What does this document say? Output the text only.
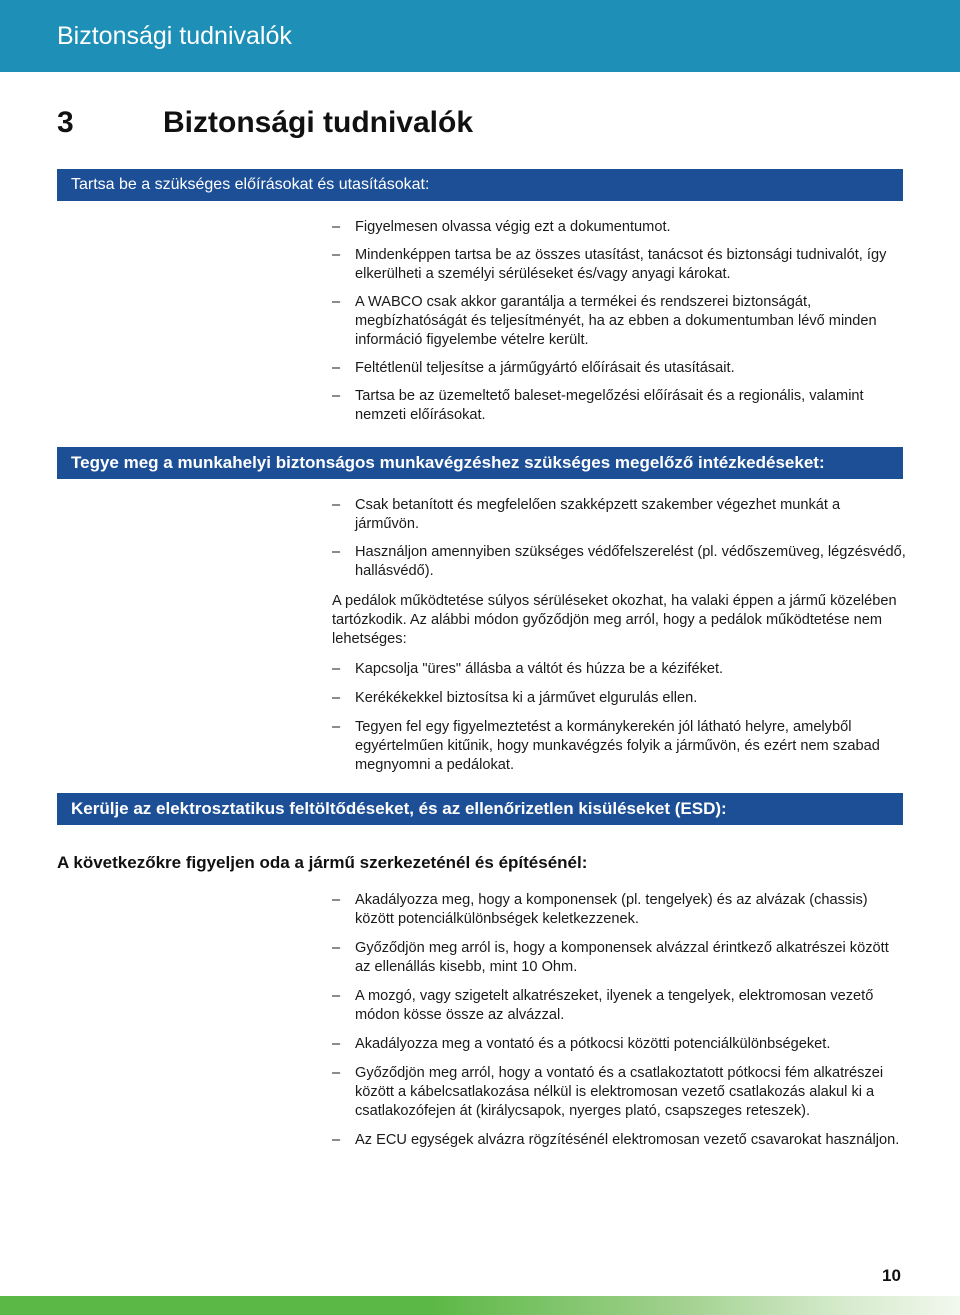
Biztonsági tudnivalók
3	Biztonsági tudnivalók
Tartsa be a szükséges előírásokat és utasításokat:
– Figyelmesen olvassa végig ezt a dokumentumot.
– Mindenképpen tartsa be az összes utasítást, tanácsot és biztonsági tudnivalót, így elkerülheti a személyi sérüléseket és/vagy anyagi károkat.
– A WABCO csak akkor garantálja a termékei és rendszerei biztonságát, megbízhatóságát és teljesítményét, ha az ebben a dokumentumban lévő minden információ figyelembe vételre került.
– Feltétlenül teljesítse a járműgyártó előírásait és utasításait.
– Tartsa be az üzemeltető baleset-megelőzési előírásait és a regionális, valamint nemzeti előírásokat.
Tegye meg a munkahelyi biztonságos munkavégzéshez szükséges megelőző intézkedéseket:
– Csak betanított és megfelelően szakképzett szakember végezhet munkát a járművön.
– Használjon amennyiben szükséges védőfelszerelést (pl. védőszemüveg, légzésvédő, hallásvédő).

A pedálok működtetése súlyos sérüléseket okozhat, ha valaki éppen a jármű közelében tartózkodik. Az alábbi módon győződjön meg arról, hogy a pedálok működtetése nem lehetséges:

– Kapcsolja "üres" állásba a váltót és húzza be a kéziféket.
– Kerékékekkel biztosítsa ki a járművet elgurulás ellen.
– Tegyen fel egy figyelmeztetést a kormánykerekén jól látható helyre, amelyből egyértelműen kitűnik, hogy munkavégzés folyik a járművön, és ezért nem szabad megnyomni a pedálokat.
Kerülje az elektrosztatikus feltöltődéseket, és az ellenőrizetlen kisüléseket (ESD):
A következőkre figyeljen oda a jármű szerkezeténél és építésénél:
– Akadályozza meg, hogy a komponensek (pl. tengelyek) és az alvázak (chassis) között potenciálkülönbségek keletkezzenek.
– Győződjön meg arról is, hogy a komponensek alvázzal érintkező alkatrészei között az ellenállás kisebb, mint 10 Ohm.
– A mozgó, vagy szigetelt alkatrészeket, ilyenek a tengelyek, elektromosan vezető módon kösse össze az alvázzal.
– Akadályozza meg a vontató és a pótkocsi közötti potenciálkülönbségeket.
– Győződjön meg arról, hogy a vontató és a csatlakoztatott pótkocsi fém alkatrészei között a kábelcsatlakozása nélkül is elektromosan vezető csatlakozás alakul ki a csatlakozófejen át (királycsapok, nyerges plató, csapszeges reteszek).
– Az ECU egységek alvázra rögzítésénél elektromosan vezető csavarokat használjon.
10
